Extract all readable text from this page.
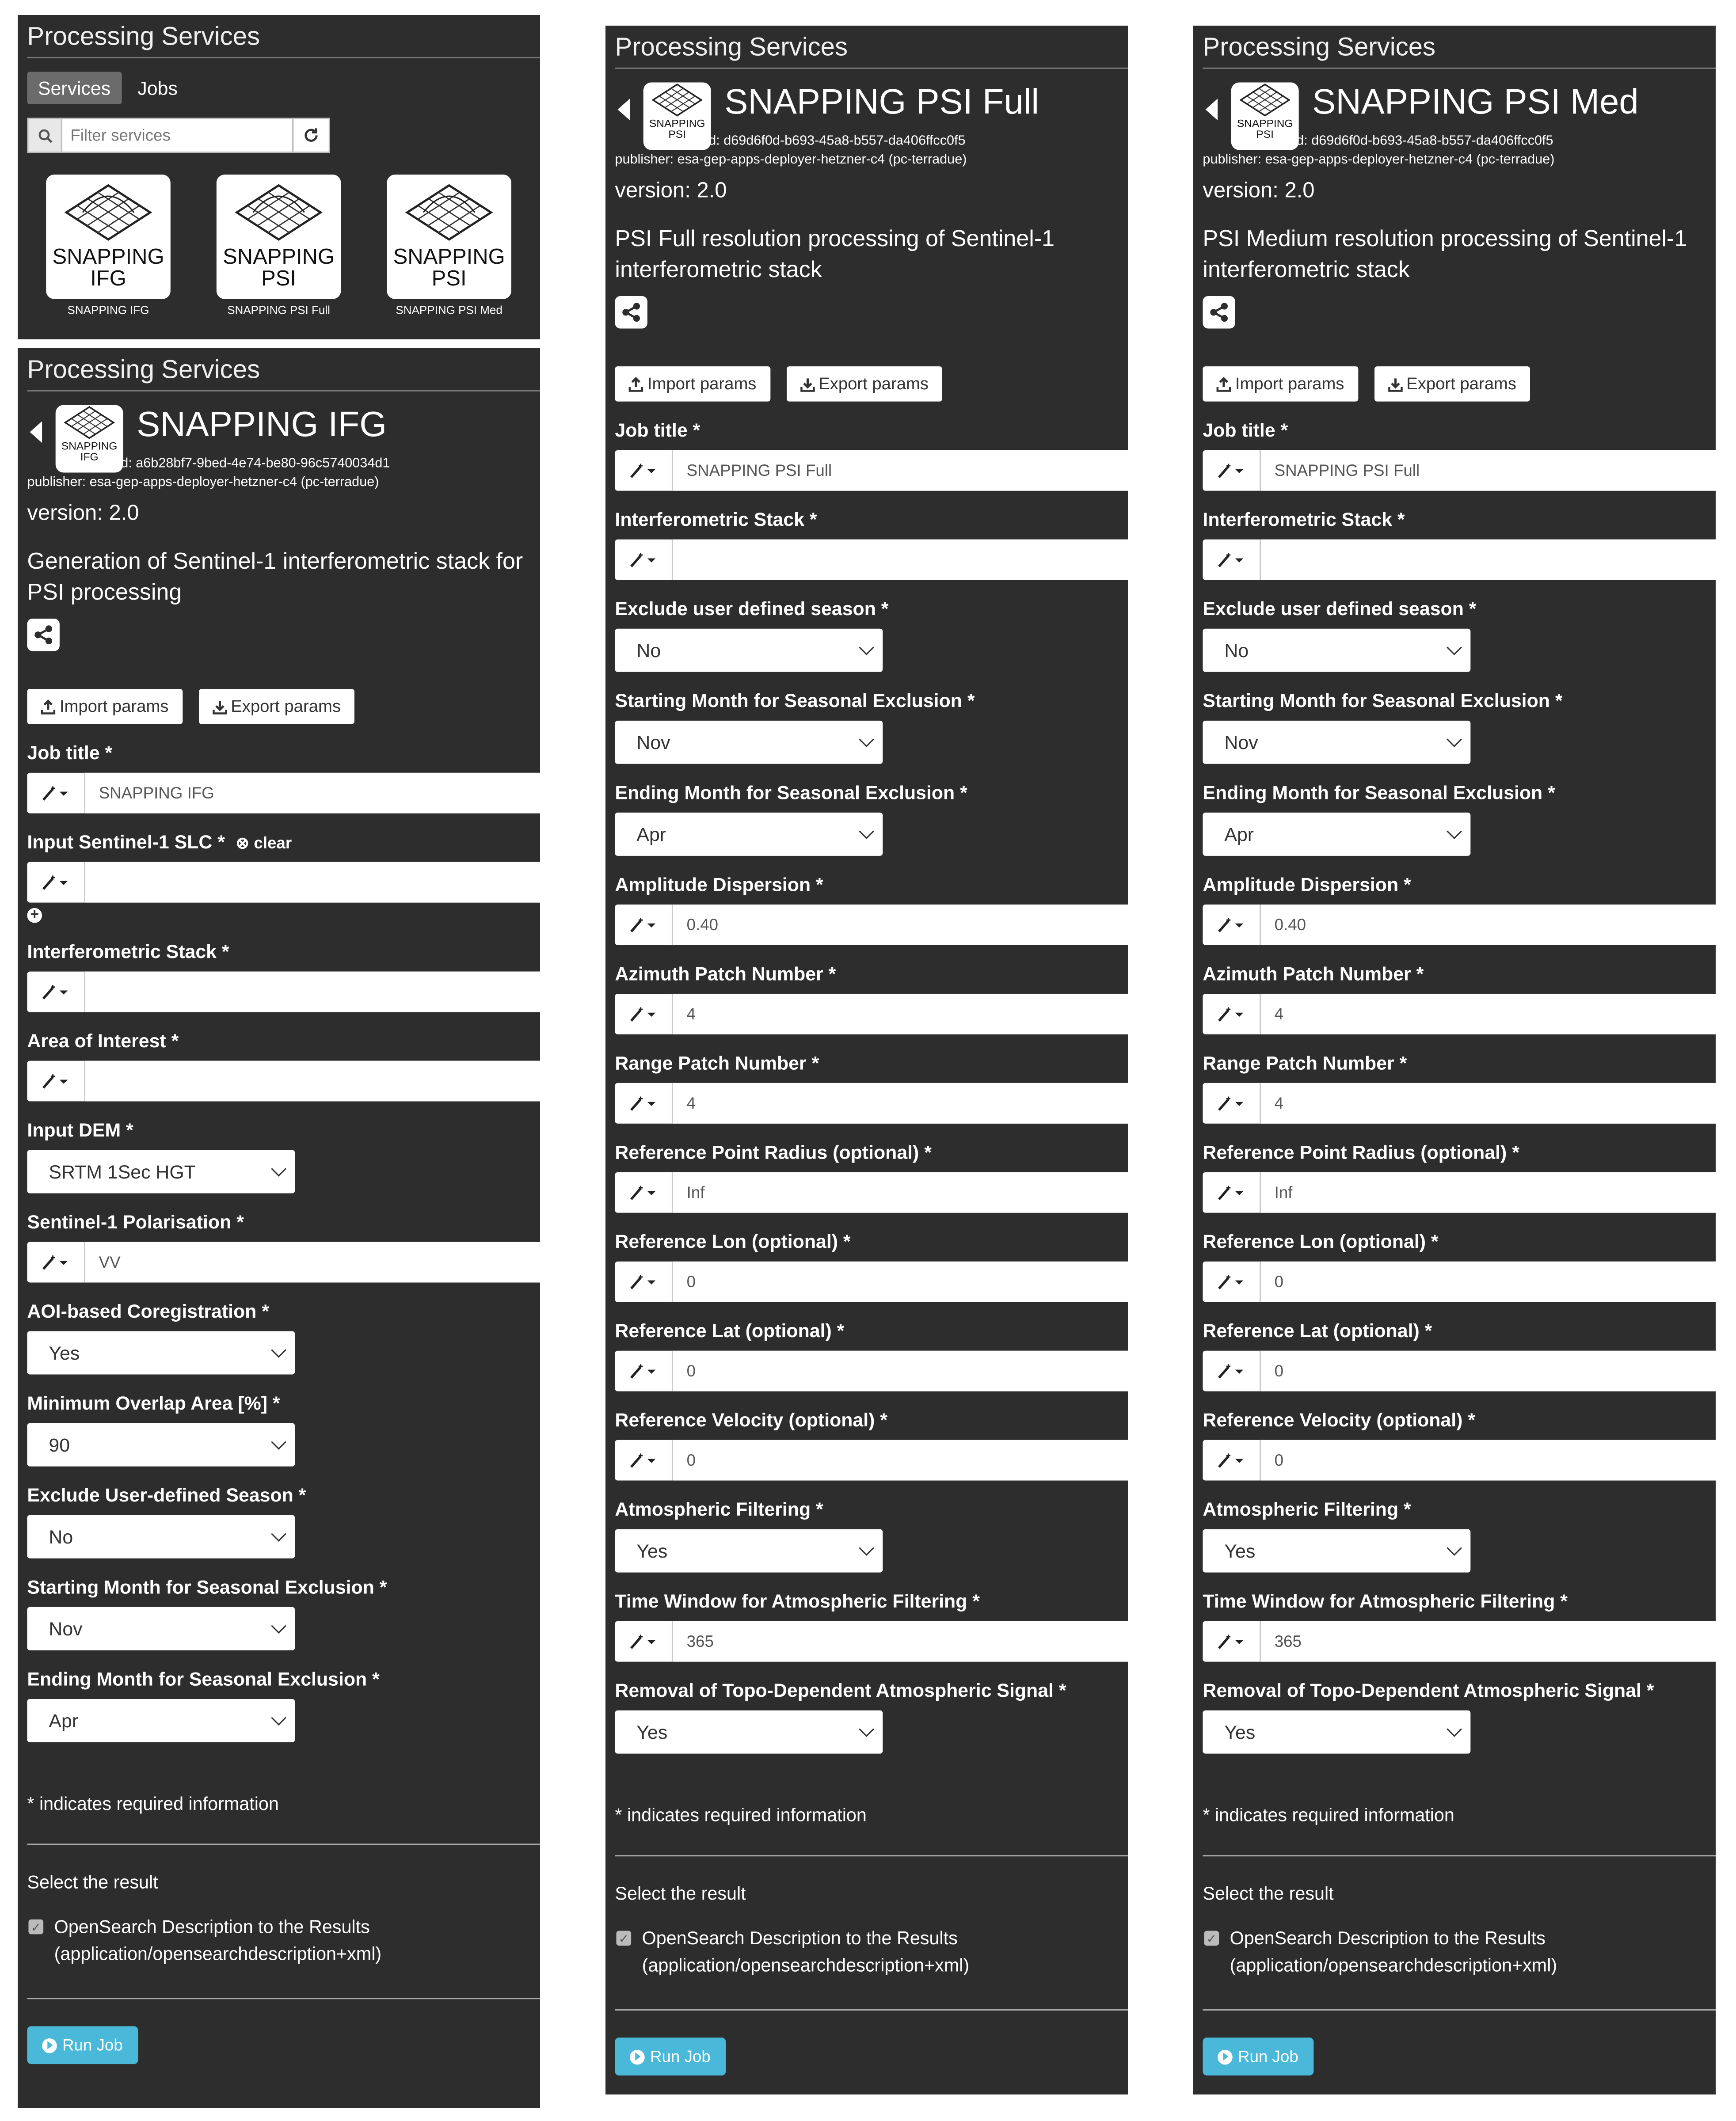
Processing Services
Services	Jobs
Filter services
SNAPPING
IFG
SNAPPING IFG
SNAPPING
PSI
SNAPPING PSI Full
SNAPPING
PSI
SNAPPING PSI Med
Processing Services
SNAPPING
IFG
SNAPPING IFG
id: a6b28bf7-9bed-4e74-be80-96c5740034d1
publisher: esa-gep-apps-deployer-hetzner-c4 (pc-terradue)
version: 2.0
Generation of Sentinel-1 interferometric stack for PSI processing
Import params	Export params
Job title *
SNAPPING IFG
Input Sentinel-1 SLC * ⊗ clear
+
Interferometric Stack *
Area of Interest *
Input DEM *
SRTM 1Sec HGT
Sentinel-1 Polarisation *
VV
AOI-based Coregistration *
Yes
Minimum Overlap Area [%] *
90
Exclude User-defined Season *
No
Starting Month for Seasonal Exclusion *
Nov
Ending Month for Seasonal Exclusion *
Apr
* indicates required information
Select the result
✓	OpenSearch Description to the Results
(application/opensearchdescription+xml)
Run Job
Processing Services
SNAPPING
PSI
SNAPPING PSI Full
id: d69d6f0d-b693-45a8-b557-da406ffcc0f5
publisher: esa-gep-apps-deployer-hetzner-c4 (pc-terradue)
version: 2.0
PSI Full resolution processing of Sentinel-1 interferometric stack
Import params	Export params
Job title *
SNAPPING PSI Full
Interferometric Stack *
Exclude user defined season *
No
Starting Month for Seasonal Exclusion *
Nov
Ending Month for Seasonal Exclusion *
Apr
Amplitude Dispersion *
0.40
Azimuth Patch Number *
4
Range Patch Number *
4
Reference Point Radius (optional) *
Inf
Reference Lon (optional) *
0
Reference Lat (optional) *
0
Reference Velocity (optional) *
0
Atmospheric Filtering *
Yes
Time Window for Atmospheric Filtering *
365
Removal of Topo-Dependent Atmospheric Signal *
Yes
* indicates required information
Select the result
✓	OpenSearch Description to the Results
(application/opensearchdescription+xml)
Run Job
Processing Services
SNAPPING
PSI
SNAPPING PSI Med
id: d69d6f0d-b693-45a8-b557-da406ffcc0f5
publisher: esa-gep-apps-deployer-hetzner-c4 (pc-terradue)
version: 2.0
PSI Medium resolution processing of Sentinel-1 interferometric stack
Import params	Export params
Job title *
SNAPPING PSI Full
Interferometric Stack *
Exclude user defined season *
No
Starting Month for Seasonal Exclusion *
Nov
Ending Month for Seasonal Exclusion *
Apr
Amplitude Dispersion *
0.40
Azimuth Patch Number *
4
Range Patch Number *
4
Reference Point Radius (optional) *
Inf
Reference Lon (optional) *
0
Reference Lat (optional) *
0
Reference Velocity (optional) *
0
Atmospheric Filtering *
Yes
Time Window for Atmospheric Filtering *
365
Removal of Topo-Dependent Atmospheric Signal *
Yes
* indicates required information
Select the result
✓	OpenSearch Description to the Results
(application/opensearchdescription+xml)
Run Job
